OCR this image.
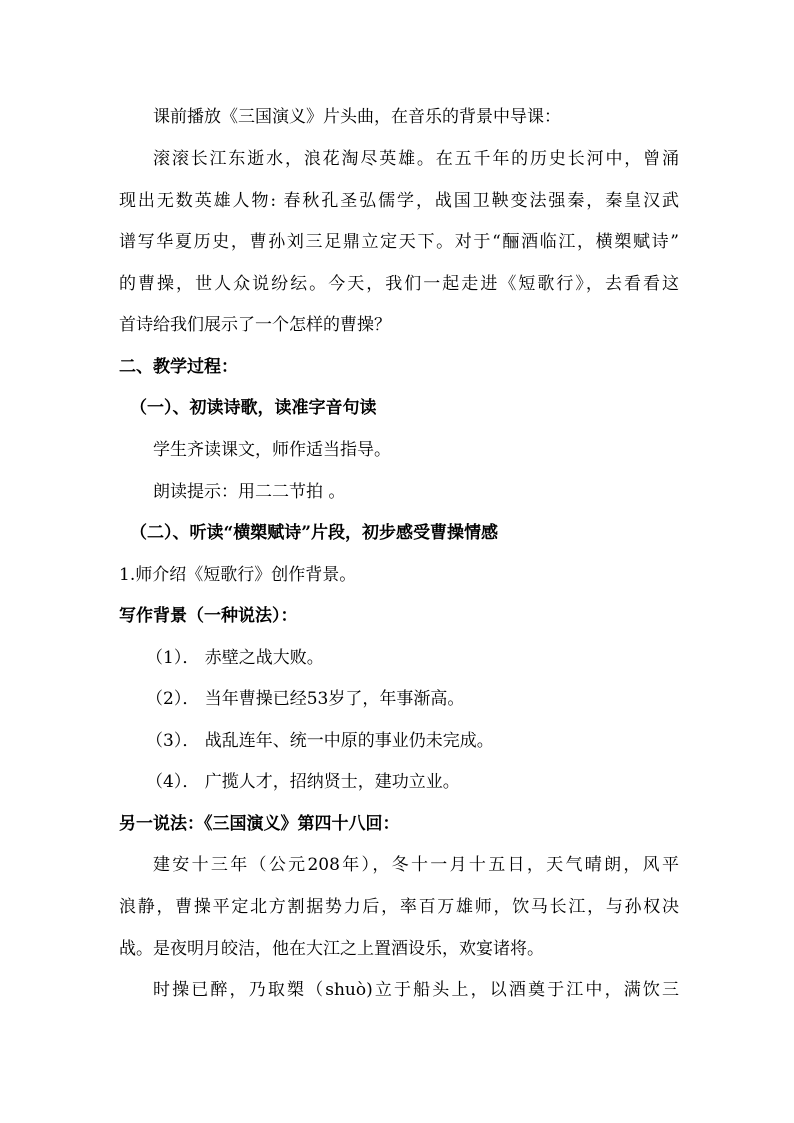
课前播放《三国演义》片头曲，在音乐的背景中导课：
滚滚长江东逝水，浪花淘尽英雄。在五千年的历史长河中，曾涌
现出无数英雄人物: 春秋孔圣弘儒学，战国卫鞅变法强秦，秦皇汉武
谱写华夏历史，曹孙刘三足鼎立定天下。对于“酾酒临江，横槊赋诗”
的曹操，世人众说纷纭。今天，我们一起走进《短歌行》，去看看这
首诗给我们展示了一个怎样的曹操？
二、教学过程：
（一）、初读诗歌，读准字音句读
学生齐读课文，师作适当指导。
朗读提示：用二二节拍 。
（二）、听读“横槊赋诗”片段，初步感受曹操情感
1.师介绍《短歌行》创作背景。
写作背景（一种说法）：
（1）． 赤壁之战大败。
（2）． 当年曹操已经53岁了，年事渐高。
（3）． 战乱连年、统一中原的事业仍未完成。
（4）． 广揽人才，招纳贤士，建功立业。
另一说法：《三国演义》第四十八回：
建安十三年（公元208年），冬十一月十五日，天气晴朗，风平
浪静，曹操平定北方割据势力后，率百万雄师，饮马长江，与孙权决
战。是夜明月皎洁，他在大江之上置酒设乐，欢宴诸将。
时操已醉，乃取槊（shuò)立于船头上，以酒奠于江中，满饮三
